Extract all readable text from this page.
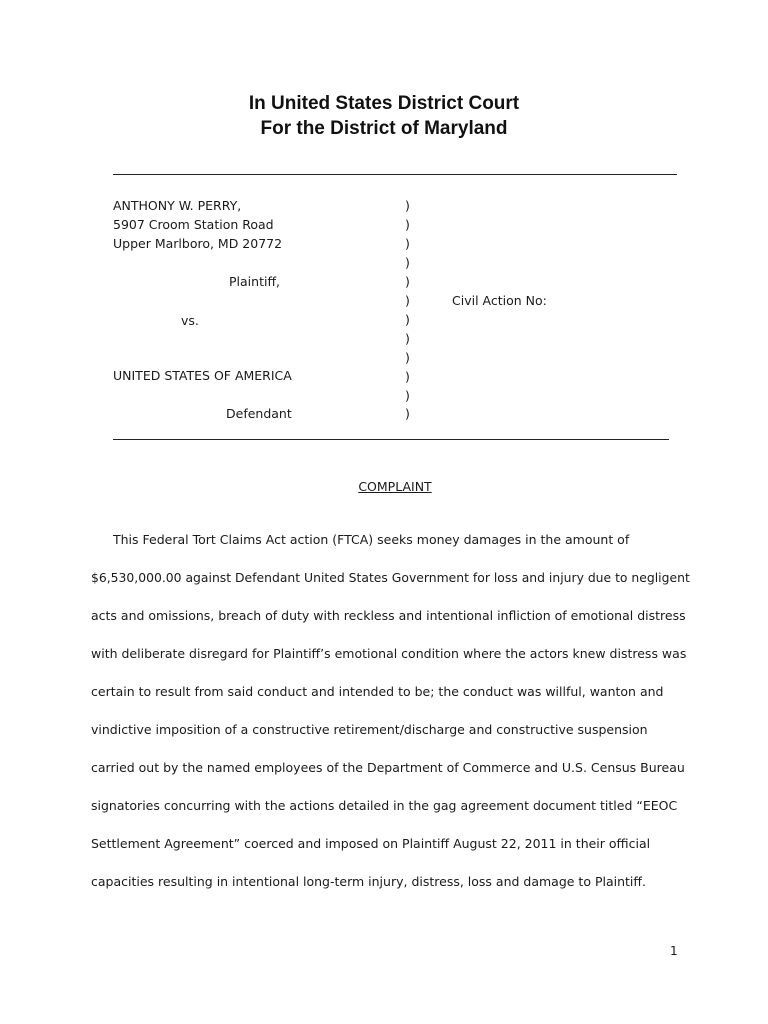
In United States District Court
For the District of Maryland
ANTHONY W. PERRY,
5907 Croom Station Road
Upper Marlboro, MD 20772
Plaintiff,
vs.
UNITED STATES OF AMERICA
Defendant
)
)
)
)
)
)
)
)
)
)
)
)
Civil Action No:
COMPLAINT
This Federal Tort Claims Act action (FTCA) seeks money damages in the amount of
$6,530,000.00 against Defendant United States Government for loss and injury due to negligent
acts and omissions, breach of duty with reckless and intentional infliction of emotional distress
with deliberate disregard for Plaintiff’s emotional condition where the actors knew distress was
certain to result from said conduct and intended to be; the conduct was willful, wanton and
vindictive imposition of a constructive retirement/discharge and constructive suspension
carried out by the named employees of the Department of Commerce and U.S. Census Bureau
signatories concurring with the actions detailed in the gag agreement document titled “EEOC
Settlement Agreement” coerced and imposed on Plaintiff August 22, 2011 in their official
capacities resulting in intentional long-term injury, distress, loss and damage to Plaintiff.
1
